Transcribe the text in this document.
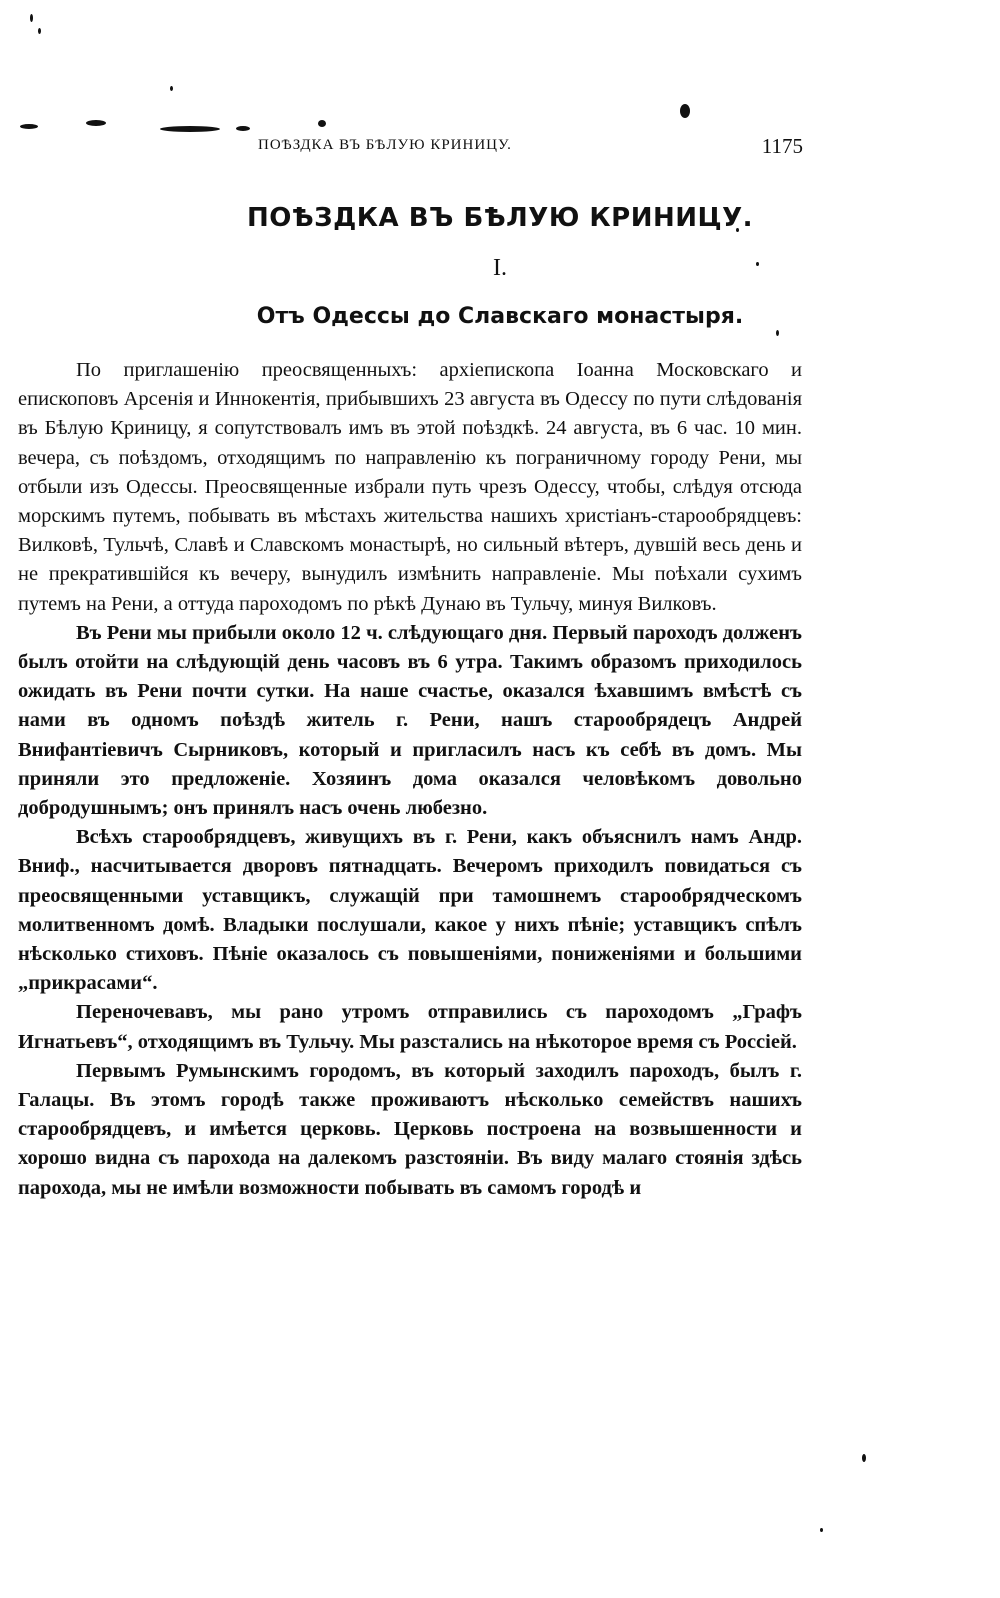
ПОѢЗДКА ВЪ БѢЛУЮ КРИНИЦУ.	1175
ПОѢЗДКА ВЪ БѢЛУЮ КРИНИЦУ.
I.
Отъ Одессы до Славскаго монастыря.

По приглашенію преосвященныхъ: архіепископа Іоанна Московскаго и епископовъ Арсенія и Иннокентія, прибывшихъ 23 августа въ Одессу по пути слѣдованія въ Бѣлую Криницу, я сопутствовалъ имъ въ этой поѣздкѣ. 24 августа, въ 6 час. 10 мин. вечера, съ поѣздомъ, отходящимъ по направленію къ пограничному городу Рени, мы отбыли изъ Одессы. Преосвященные избрали путь чрезъ Одессу, чтобы, слѣдуя отсюда морскимъ путемъ, побывать въ мѣстахъ жительства нашихъ христіанъ-старообрядцевъ: Вилковѣ, Тульчѣ, Славѣ и Славскомъ монастырѣ, но сильный вѣтеръ, дувшій весь день и не прекратившійся къ вечеру, вынудилъ измѣнить направленіе. Мы поѣхали сухимъ путемъ на Рени, а оттуда пароходомъ по рѣкѣ Дунаю въ Тульчу, минуя Вилковъ.

Въ Рени мы прибыли около 12 ч. слѣдующаго дня. Первый пароходъ долженъ былъ отойти на слѣдующій день часовъ въ 6 утра. Такимъ образомъ приходилось ожидать въ Рени почти сутки. На наше счастье, оказался ѣхавшимъ вмѣстѣ съ нами въ одномъ поѣздѣ житель г. Рени, нашъ старообрядецъ Андрей Внифантіевичъ Сырниковъ, который и пригласилъ насъ къ себѣ въ домъ. Мы приняли это предложеніе. Хозяинъ дома оказался человѣкомъ довольно добродушнымъ; онъ принялъ насъ очень любезно.

Всѣхъ старообрядцевъ, живущихъ въ г. Рени, какъ объяснилъ намъ Андр. Вниф., насчитывается дворовъ пятнадцать. Вечеромъ приходилъ повидаться съ преосвященными уставщикъ, служащій при тамошнемъ старообрядческомъ молитвенномъ домѣ. Владыки послушали, какое у нихъ пѣніе; уставщикъ спѣлъ нѣсколько стиховъ. Пѣніе оказалось съ повышеніями, пониженіями и большими „прикрасами“.

Переночевавъ, мы рано утромъ отправились съ пароходомъ „Графъ Игнатьевъ“, отходящимъ въ Тульчу. Мы разстались на нѣкоторое время съ Россіей.

Первымъ Румынскимъ городомъ, въ который заходилъ пароходъ, былъ г. Галацы. Въ этомъ городѣ также проживаютъ нѣсколько семействъ нашихъ старообрядцевъ, и имѣется церковь. Церковь построена на возвышенности и хорошо видна съ парохода на далекомъ разстояніи. Въ виду малаго стоянія здѣсь парохода, мы не имѣли возможности побывать въ самомъ городѣ и
